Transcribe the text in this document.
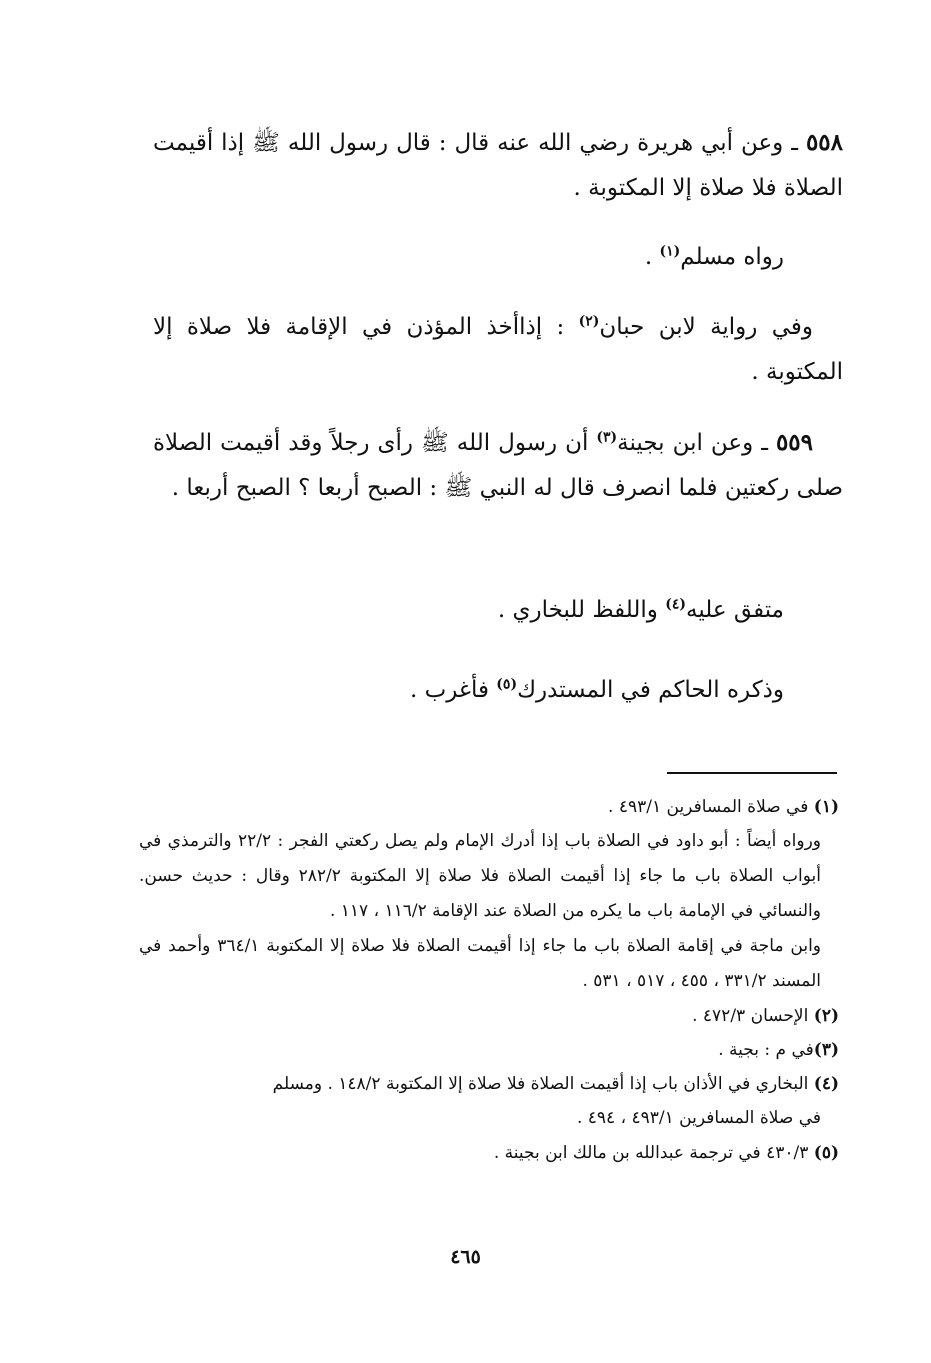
٥٥٨ ـ وعن أبي هريرة رضي الله عنه قال : قال رسول الله ﷺ إذا أقيمت الصلاة فلا صلاة إلا المكتوبة .

رواه مسلم$^{(١)}$ .

وفي رواية لابن حبان$^{(٢)}$ : إذاأخذ المؤذن في الإقامة فلا صلاة إلا المكتوبة .

٥٥٩ ـ وعن ابن بجينة$^{(٣)}$ أن رسول الله ﷺ رأى رجلاً وقد أقيمت الصلاة صلى ركعتين فلما انصرف قال له النبي ﷺ : الصبح أربعا ؟ الصبح أربعا .

متفق عليه$^{(٤)}$ واللفظ للبخاري .

وذكره الحاكم في المستدرك$^{(٥)}$ فأغرب .

(١) في صلاة المسافرين ٤٩٣/١ .
ورواه أيضاً : أبو داود في الصلاة باب إذا أدرك الإمام ولم يصل ركعتي الفجر : ٢٢/٢ والترمذي في أبواب الصلاة باب ما جاء إذا أقيمت الصلاة فلا صلاة إلا المكتوبة ٢٨٢/٢ وقال : حديث حسن. والنسائي في الإمامة باب ما يكره من الصلاة عند الإقامة ١١٦/٢ ، ١١٧ .
وابن ماجة في إقامة الصلاة باب ما جاء إذا أقيمت الصلاة فلا صلاة إلا المكتوبة ٣٦٤/١ وأحمد في المسند ٣٣١/٢ ، ٤٥٥ ، ٥١٧ ، ٥٣١ .
(٢) الإحسان ٤٧٢/٣ .
(٣)في م : بجية .
(٤) البخاري في الأذان باب إذا أقيمت الصلاة فلا صلاة إلا المكتوبة ١٤٨/٢ . ومسلم
في صلاة المسافرين ٤٩٣/١ ، ٤٩٤ .
(٥) ٤٣٠/٣ في ترجمة عبدالله بن مالك ابن بجينة .
٤٦٥
